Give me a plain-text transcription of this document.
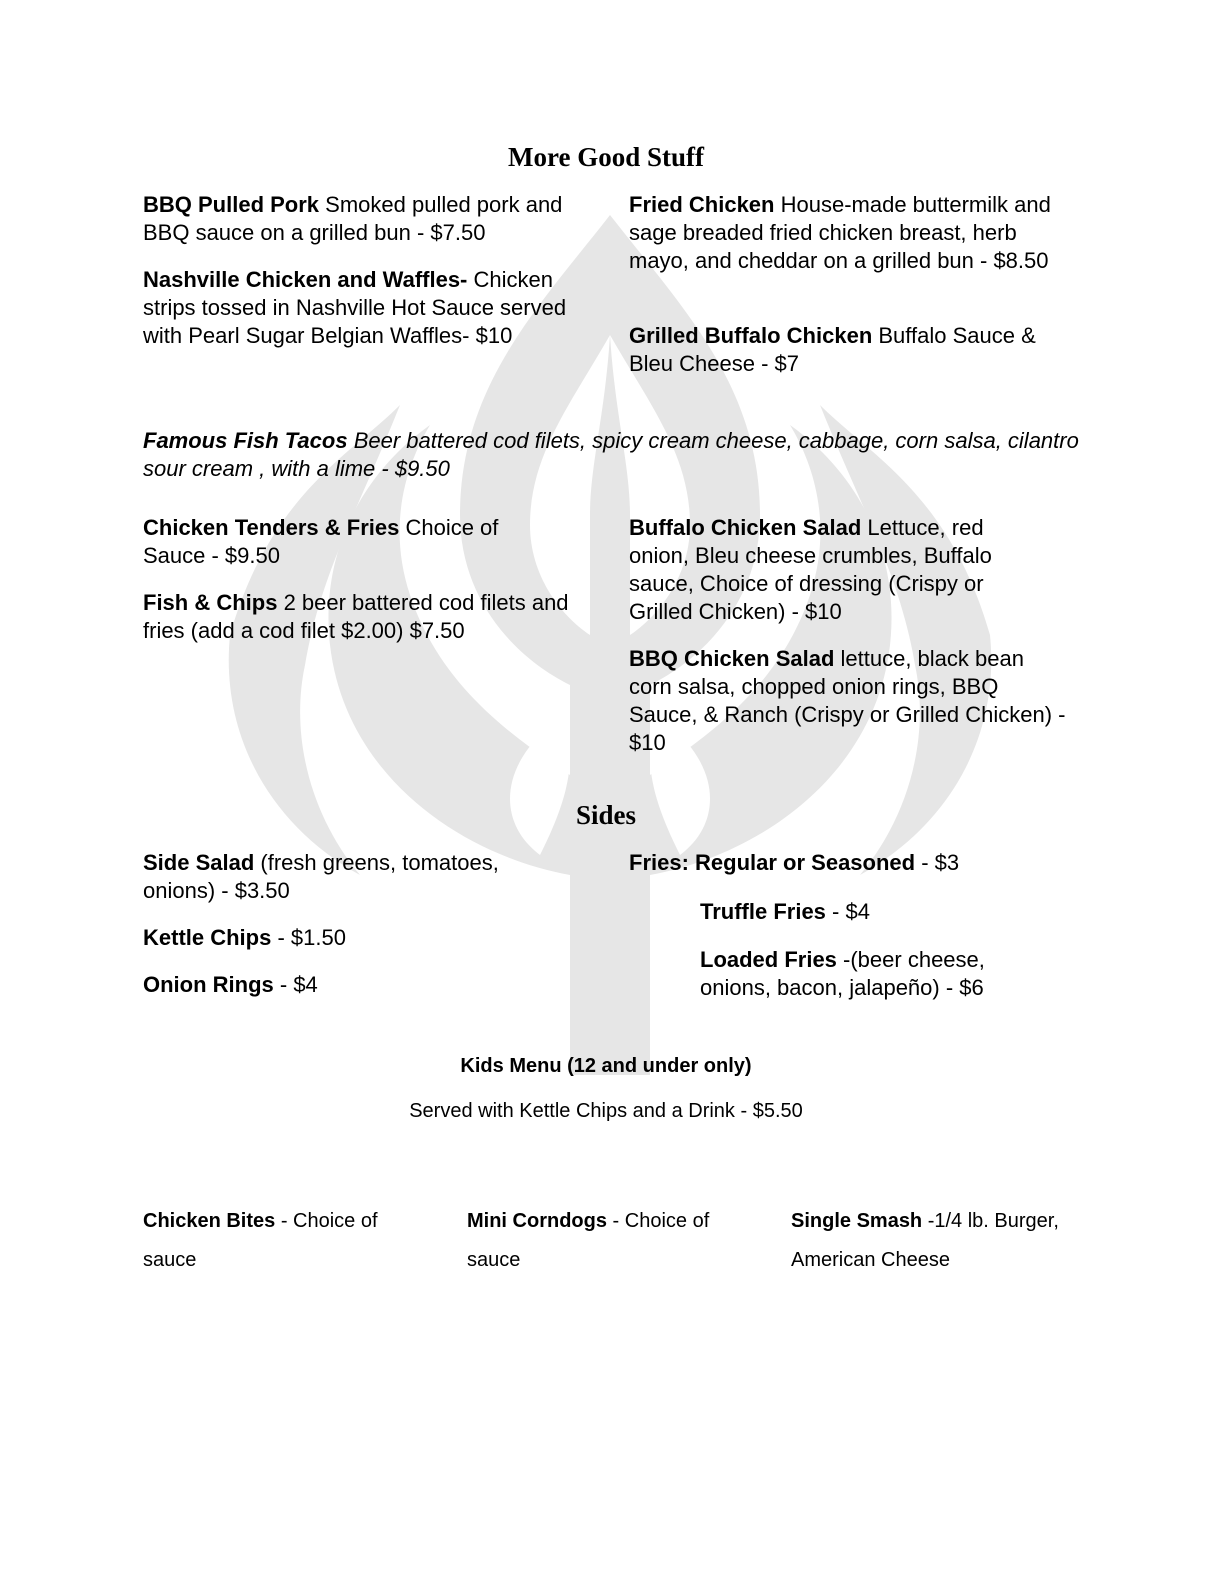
More Good Stuff
BBQ Pulled Pork Smoked pulled pork and BBQ sauce on a grilled bun - $7.50
Nashville Chicken and Waffles- Chicken strips tossed in Nashville Hot Sauce served with Pearl Sugar Belgian Waffles- $10
Fried Chicken House-made buttermilk and sage breaded fried chicken breast, herb mayo, and cheddar on a grilled bun - $8.50
Grilled Buffalo Chicken Buffalo Sauce & Bleu Cheese - $7
Famous Fish Tacos Beer battered cod filets, spicy cream cheese, cabbage, corn salsa, cilantro sour cream , with a lime - $9.50
Chicken Tenders & Fries Choice of Sauce - $9.50
Fish & Chips 2 beer battered cod filets and fries (add a cod filet $2.00) $7.50
Buffalo Chicken Salad Lettuce, red onion, Bleu cheese crumbles, Buffalo sauce, Choice of dressing (Crispy or Grilled Chicken) - $10
BBQ Chicken Salad lettuce, black bean corn salsa, chopped onion rings, BBQ Sauce, & Ranch (Crispy or Grilled Chicken) - $10
Sides
Side Salad (fresh greens, tomatoes, onions) - $3.50
Kettle Chips - $1.50
Onion Rings - $4
Fries: Regular or Seasoned - $3
Truffle Fries - $4
Loaded Fries -(beer cheese, onions, bacon, jalapeño) - $6
Kids Menu (12 and under only)
Served with Kettle Chips and a Drink - $5.50
Chicken Bites - Choice of sauce
Mini Corndogs - Choice of sauce
Single Smash -1/4 lb. Burger, American Cheese
